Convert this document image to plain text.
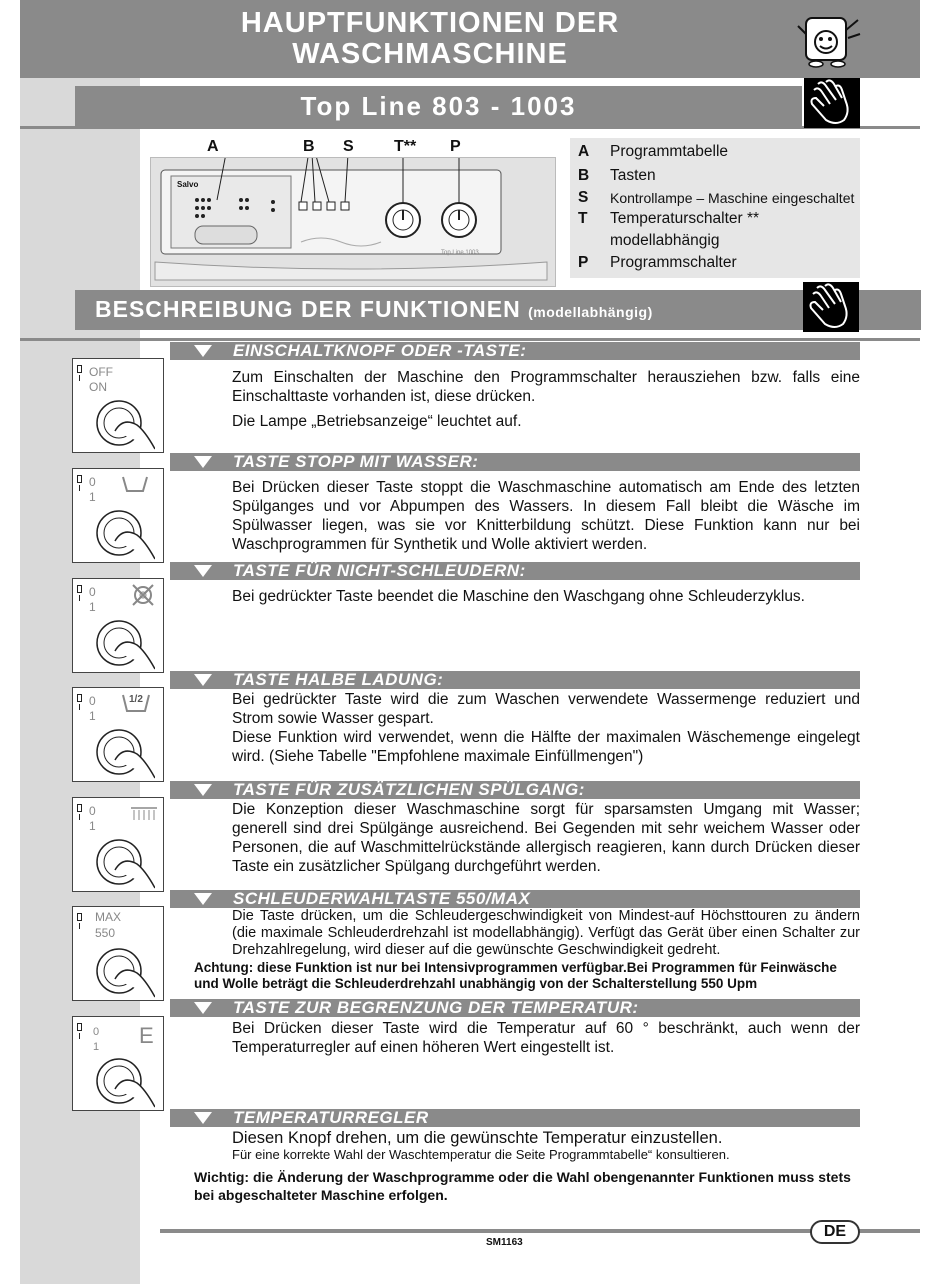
HAUPTFUNKTIONEN DER
WASCHMASCHINE
Top Line 803 - 1003
A	B S	T** P
Salvo
Top Line 1003
A	Programmtabelle
B	Tasten
S	Kontrollampe – Maschine eingeschaltet
T	Temperaturschalter **
modellabhängig
P	Programmschalter
BESCHREIBUNG DER FUNKTIONEN (modellabhängig)
EINSCHALTKNOPF ODER -TASTE:
OFF
ON

Zum Einschalten der Maschine den Programmschalter herausziehen bzw. falls eine Einschalttaste vorhanden ist, diese drücken.

Die Lampe „Betriebsanzeige“ leuchtet auf.

TASTE STOPP MIT WASSER:
0
1

Bei Drücken dieser Taste stoppt die Waschmaschine automatisch am Ende des letzten Spülganges und vor Abpumpen des Wassers. In diesem Fall bleibt die Wäsche im Spülwasser liegen, was sie vor Knitterbildung schützt. Diese Funktion kann nur bei Waschprogrammen für Synthetik und Wolle aktiviert werden.

TASTE FÜR NICHT-SCHLEUDERN:
0
1

Bei gedrückter Taste beendet die Maschine den Waschgang ohne Schleuderzyklus.

TASTE HALBE LADUNG:
0
1
1/2	Bei gedrückter Taste wird die zum Waschen verwendete Wassermenge reduziert und Strom sowie Wasser gespart.

Diese Funktion wird verwendet, wenn die Hälfte der maximalen Wäschemenge eingelegt wird. (Siehe Tabelle "Empfohlene maximale Einfüllmengen")

TASTE FÜR ZUSÄTZLICHEN SPÜLGANG:
0
1

Die Konzeption dieser Waschmaschine sorgt für sparsamsten Umgang mit Wasser; generell sind drei Spülgänge ausreichend. Bei Gegenden mit sehr weichem Wasser oder Personen, die auf Waschmittelrückstände allergisch reagieren, kann durch Drücken dieser Taste ein zusätzlicher Spülgang durchgeführt werden.

SCHLEUDERWAHLTASTE 550/MAX
MAX
550

Die Taste drücken, um die Schleudergeschwindigkeit von Mindest-auf Höchsttouren zu ändern (die maximale Schleuderdrehzahl ist modellabhängig). Verfügt das Gerät über einen Schalter zur Drehzahlregelung, wird dieser auf die gewünschte Geschwindigkeit gedreht.

Achtung: diese Funktion ist nur bei Intensivprogrammen verfügbar.Bei Programmen für Feinwäsche und Wolle beträgt die Schleuderdrehzahl unabhängig von der Schalterstellung 550 Upm
TASTE ZUR BEGRENZUNG DER TEMPERATUR:
0
1 E	Bei Drücken dieser Taste wird die Temperatur auf 60 ° beschränkt, auch wenn der Temperaturregler auf einen höheren Wert eingestellt ist.

TEMPERATURREGLER

Diesen Knopf drehen, um die gewünschte Temperatur einzustellen.

Für eine korrekte Wahl der Waschtemperatur die Seite Programmtabelle“ konsultieren.

Wichtig: die Änderung der Waschprogramme oder die Wahl obengenannter Funktionen muss stets bei abgeschalteter Maschine erfolgen.
SM1163
DE
